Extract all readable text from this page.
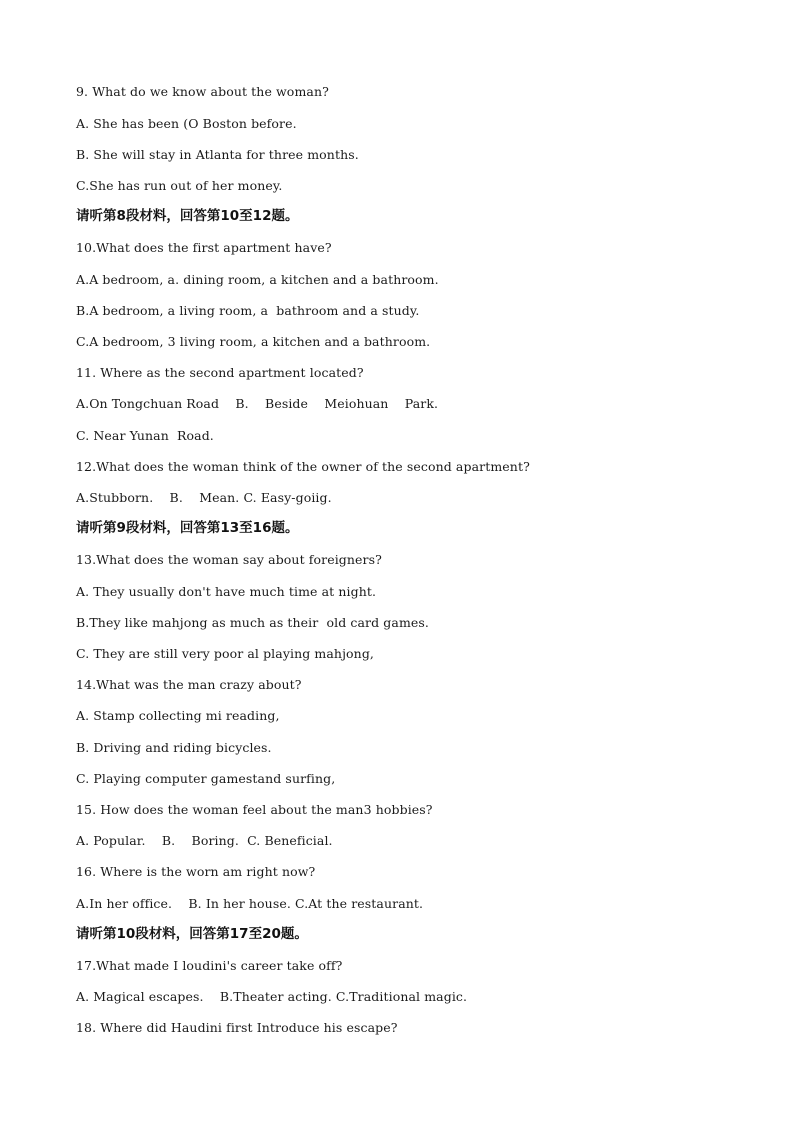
9. What do we know about the woman?
A. She has been (O Boston before.
B. She will stay in Atlanta for three months.
C.She has run out of her money.
请听第8段材料，回答第10至12题。
10.What does the first apartment have?
A.A bedroom, a. dining room, a kitchen and a bathroom.
B.A bedroom, a living room, a  bathroom and a study.
C.A bedroom, 3 living room, a kitchen and a bathroom.
11. Where as the second apartment located?
A.On Tongchuan Road    B.    Beside    Meiohuan    Park.
C. Near Yunan  Road.
12.What does the woman think of the owner of the second apartment?
A.Stubborn.    B.    Mean. C. Easy-goiig.
请听第9段材料，回答第13至16题。
13.What does the woman say about foreigners?
A. They usually don't have much time at night.
B.They like mahjong as much as their  old card games.
C. They are still very poor al playing mahjong,
14.What was the man crazy about?
A. Stamp collecting mi reading,
B. Driving and riding bicycles.
C. Playing computer gamestand surfing,
15. How does the woman feel about the man3 hobbies?
A. Popular.    B.    Boring.  C. Beneficial.
16. Where is the worn am right now?
A.In her office.    B. In her house. C.At the restaurant.
请听第10段材料，回答第17至20题。
17.What made I loudini's career take off?
A. Magical escapes.    B.Theater acting. C.Traditional magic.
18. Where did Haudini first Introduce his escape?
